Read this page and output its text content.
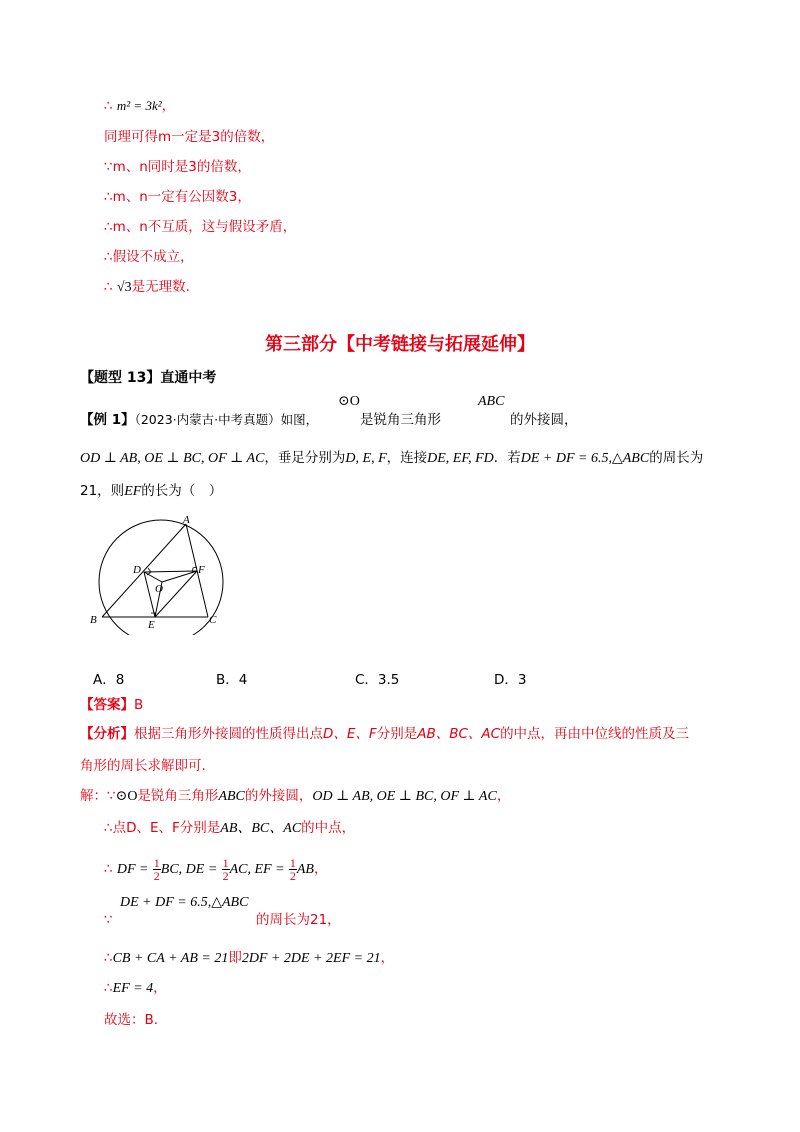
∴ m² = 3k²，
同理可得m一定是3的倍数，
∵m、n同时是3的倍数，
∴m、n一定有公因数3，
∴m、n不互质，这与假设矛盾，
∴假设不成立，
∴ √3是无理数.
第三部分【中考链接与拓展延伸】
【题型 13】直通中考
【例 1】（2023·内蒙古·中考真题）如图，
⊙O
是锐角三角形
ABC
的外接圆，
OD ⊥ AB, OE ⊥ BC, OF ⊥ AC，垂足分别为D, E, F，连接DE, EF, FD．若DE + DF = 6.5,△ABC的周长为
21，则EF的长为（　）
A
B	C
D
E
F
O
A．8	B．4	C．3.5	D．3
【答案】B
【分析】根据三角形外接圆的性质得出点D、E、F分别是AB、BC、AC的中点，再由中位线的性质及三
角形的周长求解即可.
解：∵⊙O是锐角三角形ABC的外接圆，OD ⊥ AB, OE ⊥ BC, OF ⊥ AC，
∴点D、E、F分别是AB、BC、AC的中点，
∴ DF = $\frac{1}{2}$ BC, DE = $\frac{1}{2}$ AC, EF = $\frac{1}{2}$ AB，
∵
DE + DF = 6.5,△ABC
的周长为21，
∴CB + CA + AB = 21即2DF + 2DE + 2EF = 21，
∴EF = 4，
故选：B.
